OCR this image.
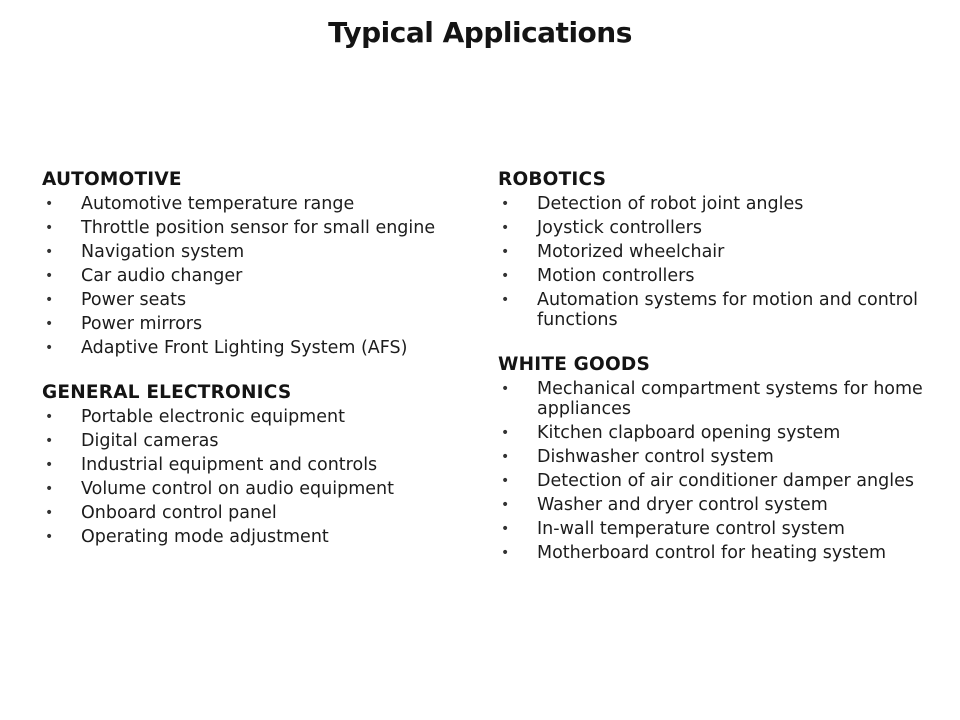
Typical Applications
AUTOMOTIVE
•	Automotive temperature range
•	Throttle position sensor for small engine
•	Navigation system
•	Car audio changer
•	Power seats
•	Power mirrors
•	Adaptive Front Lighting System (AFS)
GENERAL ELECTRONICS
•	Portable electronic equipment
•	Digital cameras
•	Industrial equipment and controls
•	Volume control on audio equipment
•	Onboard control panel
•	Operating mode adjustment
ROBOTICS
•	Detection of robot joint angles
•	Joystick controllers
•	Motorized wheelchair
•	Motion controllers
•	Automation systems for motion and control functions
WHITE GOODS
•	Mechanical compartment systems for home appliances
•	Kitchen clapboard opening system
•	Dishwasher control system
•	Detection of air conditioner damper angles
•	Washer and dryer control system
•	In-wall temperature control system
•	Motherboard control for heating system
